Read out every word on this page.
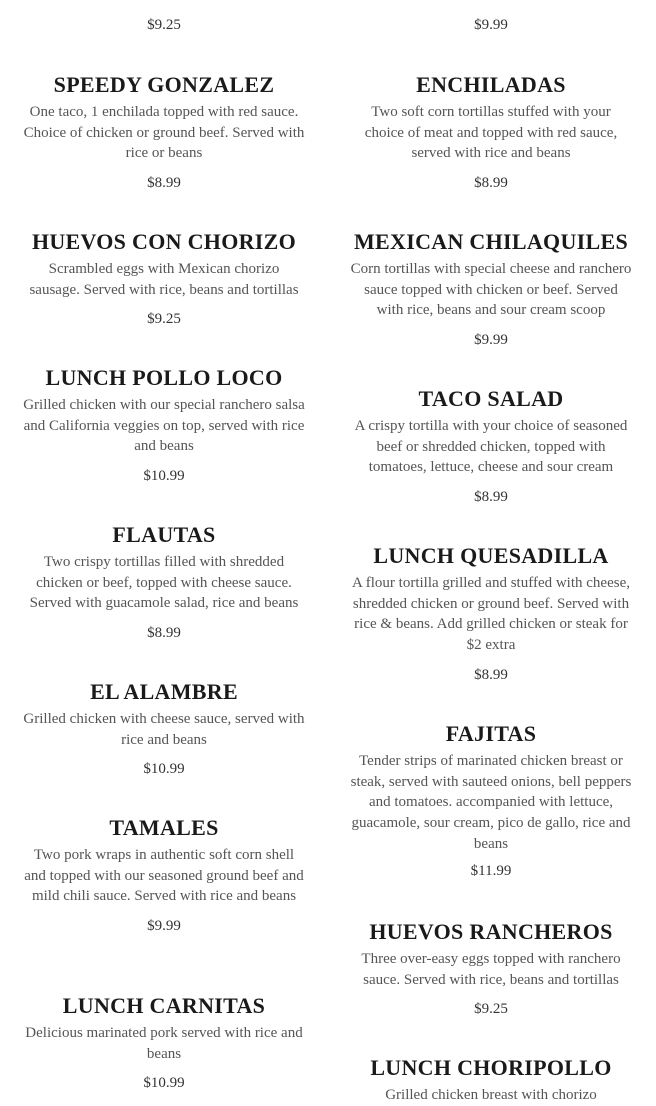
$9.25
SPEEDY GONZALEZ
One taco, 1 enchilada topped with red sauce. Choice of chicken or ground beef. Served with rice or beans
$8.99
HUEVOS CON CHORIZO
Scrambled eggs with Mexican chorizo sausage. Served with rice, beans and tortillas
$9.25
LUNCH POLLO LOCO
Grilled chicken with our special ranchero salsa and California veggies on top, served with rice and beans
$10.99
FLAUTAS
Two crispy tortillas filled with shredded chicken or beef, topped with cheese sauce. Served with guacamole salad, rice and beans
$8.99
EL ALAMBRE
Grilled chicken with cheese sauce, served with rice and beans
$10.99
TAMALES
Two pork wraps in authentic soft corn shell and topped with our seasoned ground beef and mild chili sauce. Served with rice and beans
$9.99
LUNCH CARNITAS
Delicious marinated pork served with rice and beans
$10.99
$9.99
ENCHILADAS
Two soft corn tortillas stuffed with your choice of meat and topped with red sauce, served with rice and beans
$8.99
MEXICAN CHILAQUILES
Corn tortillas with special cheese and ranchero sauce topped with chicken or beef. Served with rice, beans and sour cream scoop
$9.99
TACO SALAD
A crispy tortilla with your choice of seasoned beef or shredded chicken, topped with tomatoes, lettuce, cheese and sour cream
$8.99
LUNCH QUESADILLA
A flour tortilla grilled and stuffed with cheese, shredded chicken or ground beef. Served with rice & beans. Add grilled chicken or steak for $2 extra
$8.99
FAJITAS
Tender strips of marinated chicken breast or steak, served with sauteed onions, bell peppers and tomatoes. accompanied with lettuce, guacamole, sour cream, pico de gallo, rice and beans
$11.99
HUEVOS RANCHEROS
Three over-easy eggs topped with ranchero sauce. Served with rice, beans and tortillas
$9.25
LUNCH CHORIPOLLO
Grilled chicken breast with chorizo
